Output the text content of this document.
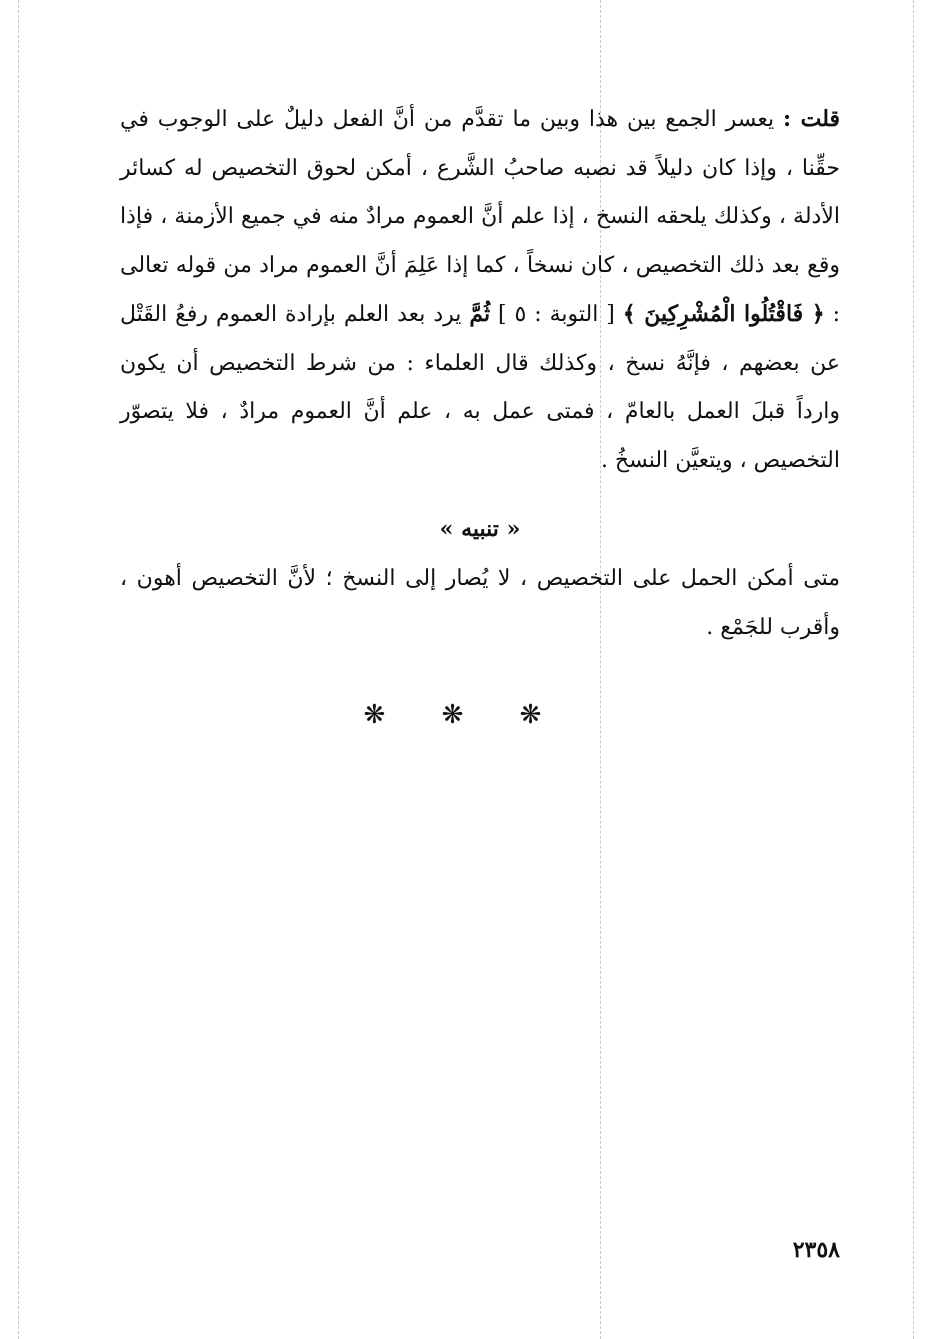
قلت : يعسر الجمع بين هذا وبين ما تقدَّم من أنَّ الفعل دليلٌ على الوجوب في حقِّنا ، وإذا كان دليلاً قد نصبه صاحبُ الشَّرع ، أمكن لحوق التخصيص له كسائر الأدلة ، وكذلك يلحقه النسخ ، إذا علم أنَّ العموم مرادٌ منه في جميع الأزمنة ، فإذا وقع بعد ذلك التخصيص ، كان نسخاً ، كما إذا عَلِمَ أنَّ العموم مراد من قوله تعالى : ﴿ فَاقْتُلُوا الْمُشْرِكِينَ ﴾ [ التوبة : ٥ ] ثُمَّ يرد بعد العلم بإرادة العموم رفعُ القَتْل عن بعضهم ، فإنَّهُ نسخ ، وكذلك قال العلماء : من شرط التخصيص أن يكون وارداً قبلَ العمل بالعامّ ، فمتى عمل به ، علم أنَّ العموم مرادٌ ، فلا يتصوّر التخصيص ، ويتعيَّن النسخُ .

« تنبيه »

متى أمكن الحمل على التخصيص ، لا يُصار إلى النسخ ؛ لأنَّ التخصيص أهون ، وأقرب للجَمْع .

❋ ❋ ❋
٢٣٥٨
